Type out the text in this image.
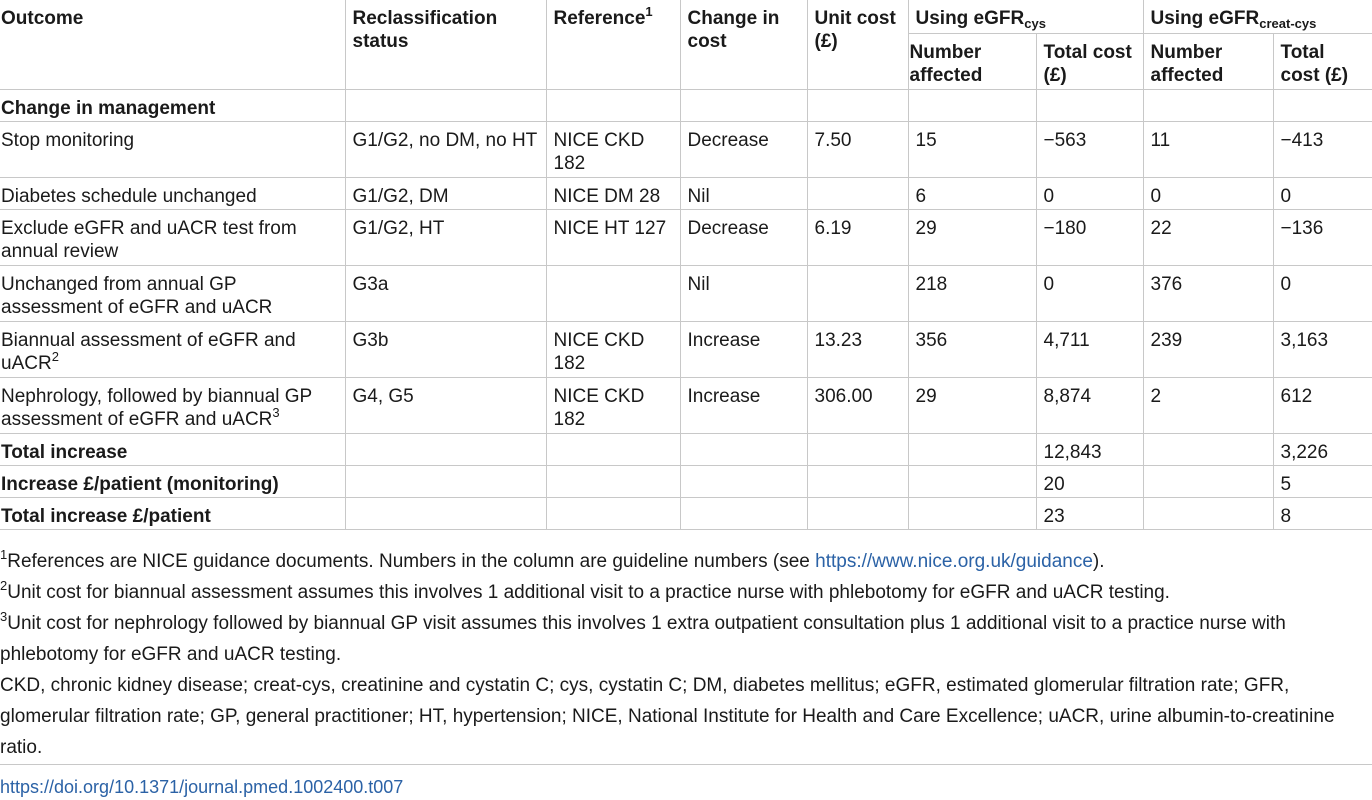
Outcome	Reclassification status	Reference$^1$	Change in cost	Unit cost (£)	Using eGFR$_{cys}$		Using eGFR$_{creat-cys}$
					Number affected	Total cost (£)	Number affected	Total cost (£)
Change in management								
Stop monitoring	G1/G2, no DM, no HT	NICE CKD 182	Decrease	7.50	15	−563	11	−413
Diabetes schedule unchanged	G1/G2, DM	NICE DM 28	Nil		6	0	0	0
Exclude eGFR and uACR test from annual review	G1/G2, HT	NICE HT 127	Decrease	6.19	29	−180	22	−136
Unchanged from annual GP assessment of eGFR and uACR	G3a		Nil		218	0	376	0
Biannual assessment of eGFR and uACR$^2$	G3b	NICE CKD 182	Increase	13.23	356	4,711	239	3,163
Nephrology, followed by biannual GP assessment of eGFR and uACR$^3$	G4, G5	NICE CKD 182	Increase	306.00	29	8,874	2	612
Total increase						12,843		3,226
Increase £/patient (monitoring)						20		5
Total increase £/patient						23		8

$^1$References are NICE guidance documents. Numbers in the column are guideline numbers (see https://www.nice.org.uk/guidance).

$^2$Unit cost for biannual assessment assumes this involves 1 additional visit to a practice nurse with phlebotomy for eGFR and uACR testing.

$^3$Unit cost for nephrology followed by biannual GP visit assumes this involves 1 extra outpatient consultation plus 1 additional visit to a practice nurse with phlebotomy for eGFR and uACR testing.

CKD, chronic kidney disease; creat-cys, creatinine and cystatin C; cys, cystatin C; DM, diabetes mellitus; eGFR, estimated glomerular filtration rate; GFR, glomerular filtration rate; GP, general practitioner; HT, hypertension; NICE, National Institute for Health and Care Excellence; uACR, urine albumin-to-creatinine ratio.

https://doi.org/10.1371/journal.pmed.1002400.t007
